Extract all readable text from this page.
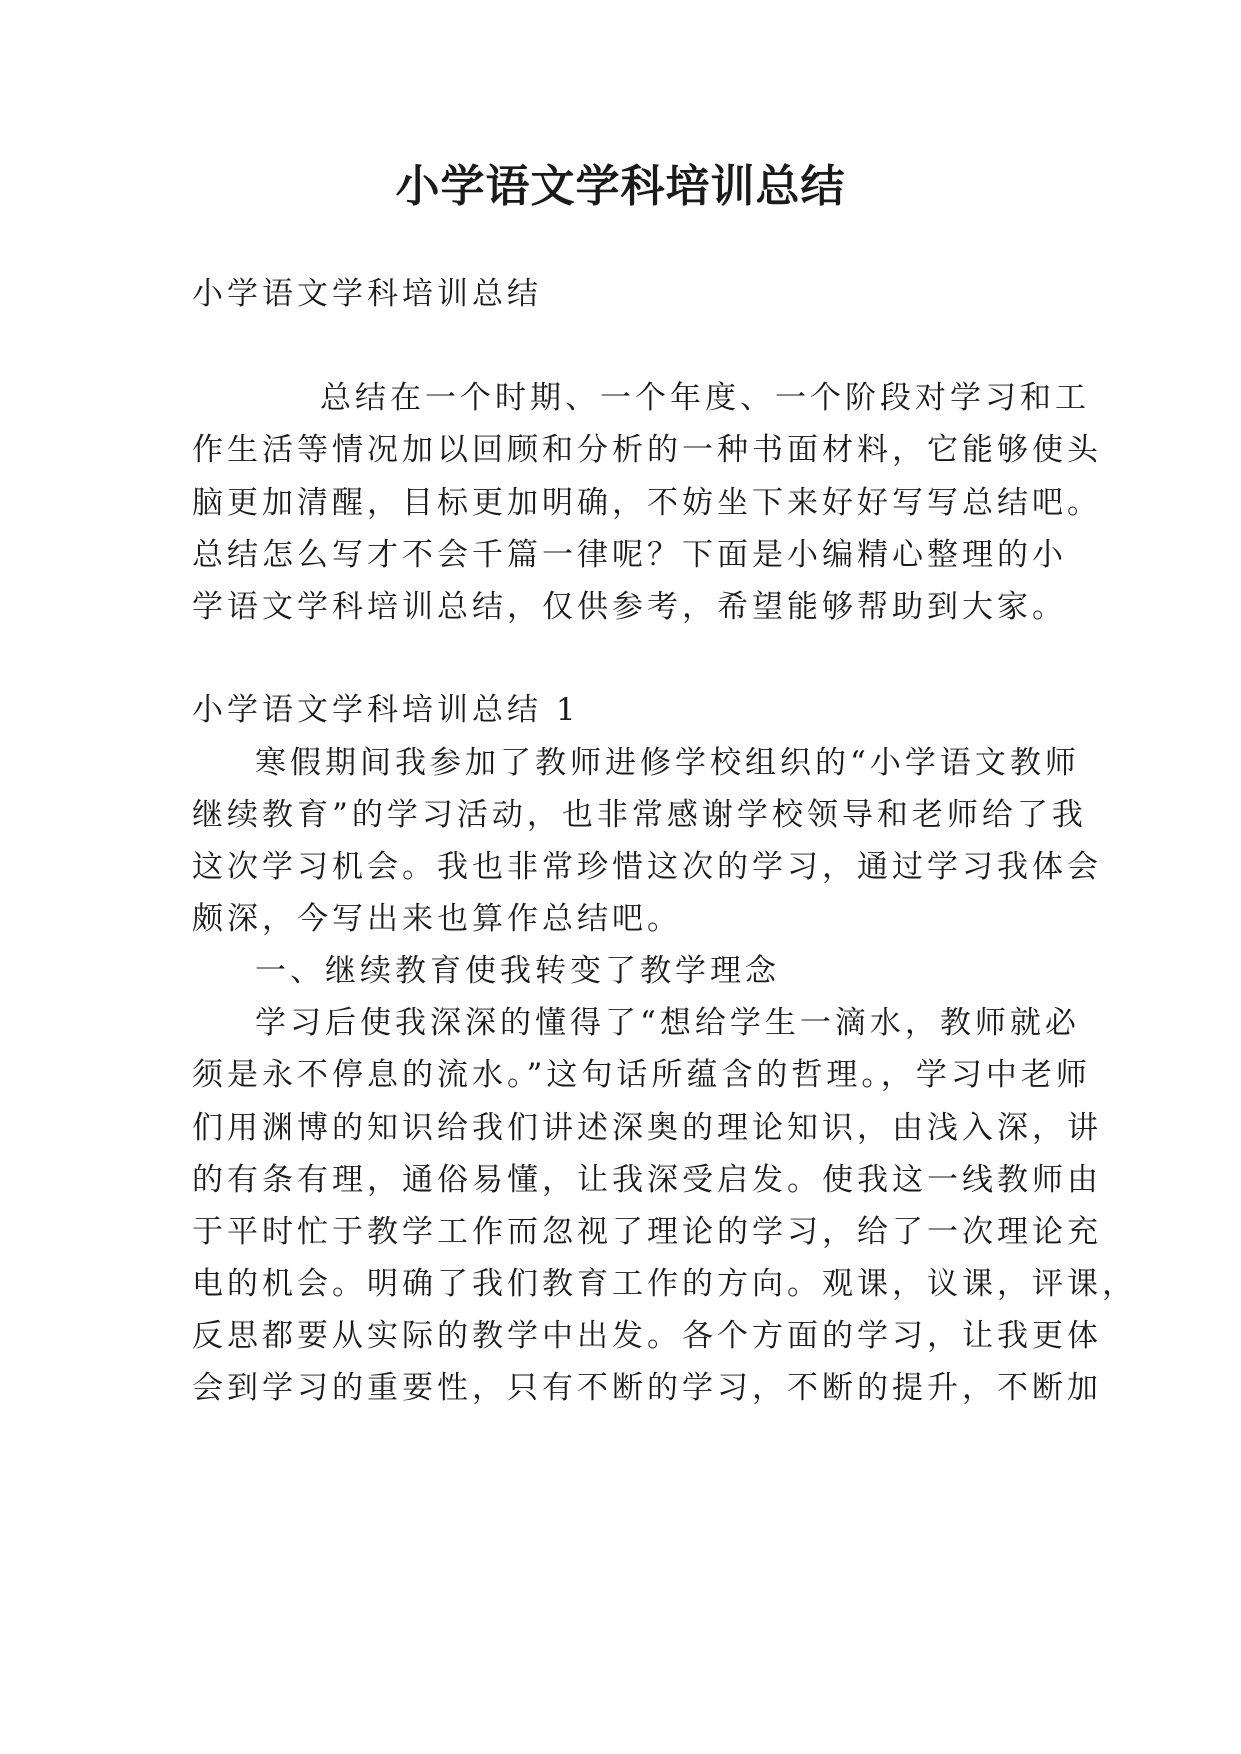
小学语文学科培训总结
小学语文学科培训总结
总结在一个时期、一个年度、一个阶段对学习和工
作生活等情况加以回顾和分析的一种书面材料，它能够使头
脑更加清醒，目标更加明确，不妨坐下来好好写写总结吧。
总结怎么写才不会千篇一律呢？下面是小编精心整理的小
学语文学科培训总结，仅供参考，希望能够帮助到大家。
小学语文学科培训总结 1
寒假期间我参加了教师进修学校组织的“小学语文教师
继续教育”的学习活动，也非常感谢学校领导和老师给了我
这次学习机会。我也非常珍惜这次的学习，通过学习我体会
颇深，今写出来也算作总结吧。
一、继续教育使我转变了教学理念
学习后使我深深的懂得了“想给学生一滴水，教师就必
须是永不停息的流水。”这句话所蕴含的哲理。，学习中老师
们用渊博的知识给我们讲述深奥的理论知识，由浅入深，讲
的有条有理，通俗易懂，让我深受启发。使我这一线教师由
于平时忙于教学工作而忽视了理论的学习，给了一次理论充
电的机会。明确了我们教育工作的方向。观课，议课，评课，
反思都要从实际的教学中出发。各个方面的学习，让我更体
会到学习的重要性，只有不断的学习，不断的提升，不断加
